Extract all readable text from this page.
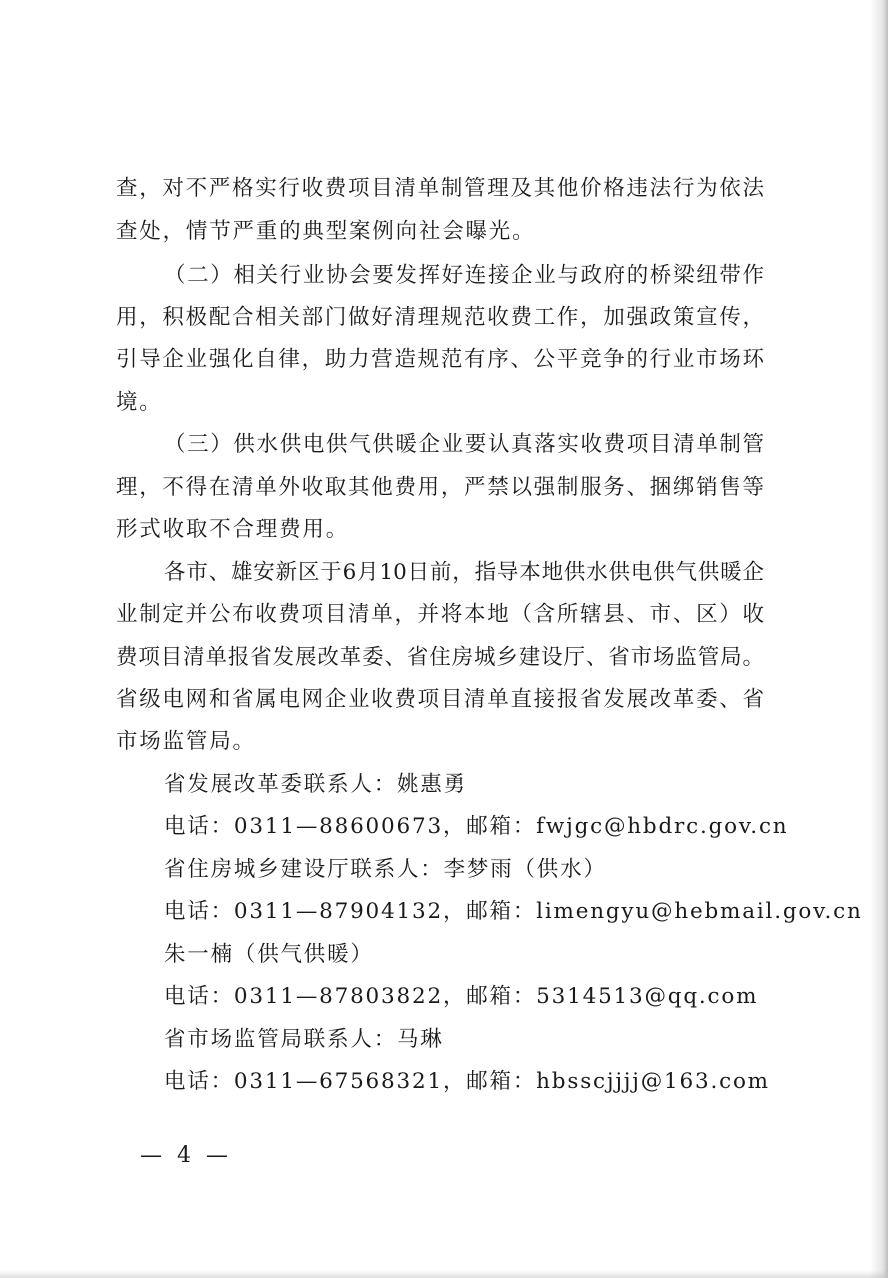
查，对不严格实行收费项目清单制管理及其他价格违法行为依法
查处，情节严重的典型案例向社会曝光。
（二）相关行业协会要发挥好连接企业与政府的桥梁纽带作
用，积极配合相关部门做好清理规范收费工作，加强政策宣传，
引导企业强化自律，助力营造规范有序、公平竞争的行业市场环
境。
（三）供水供电供气供暖企业要认真落实收费项目清单制管
理，不得在清单外收取其他费用，严禁以强制服务、捆绑销售等
形式收取不合理费用。
各市、雄安新区于6月10日前，指导本地供水供电供气供暖企
业制定并公布收费项目清单，并将本地（含所辖县、市、区）收
费项目清单报省发展改革委、省住房城乡建设厅、省市场监管局。
省级电网和省属电网企业收费项目清单直接报省发展改革委、省
市场监管局。
省发展改革委联系人：姚惠勇
电话：0311—88600673，邮箱：fwjgc@hbdrc.gov.cn
省住房城乡建设厅联系人：李梦雨（供水）
电话：0311—87904132，邮箱：limengyu@hebmail.gov.cn
朱一楠（供气供暖）
电话：0311—87803822，邮箱：5314513@qq.com
省市场监管局联系人：马琳
电话：0311—67568321，邮箱：hbsscjjjj@163.com
— 4 —
